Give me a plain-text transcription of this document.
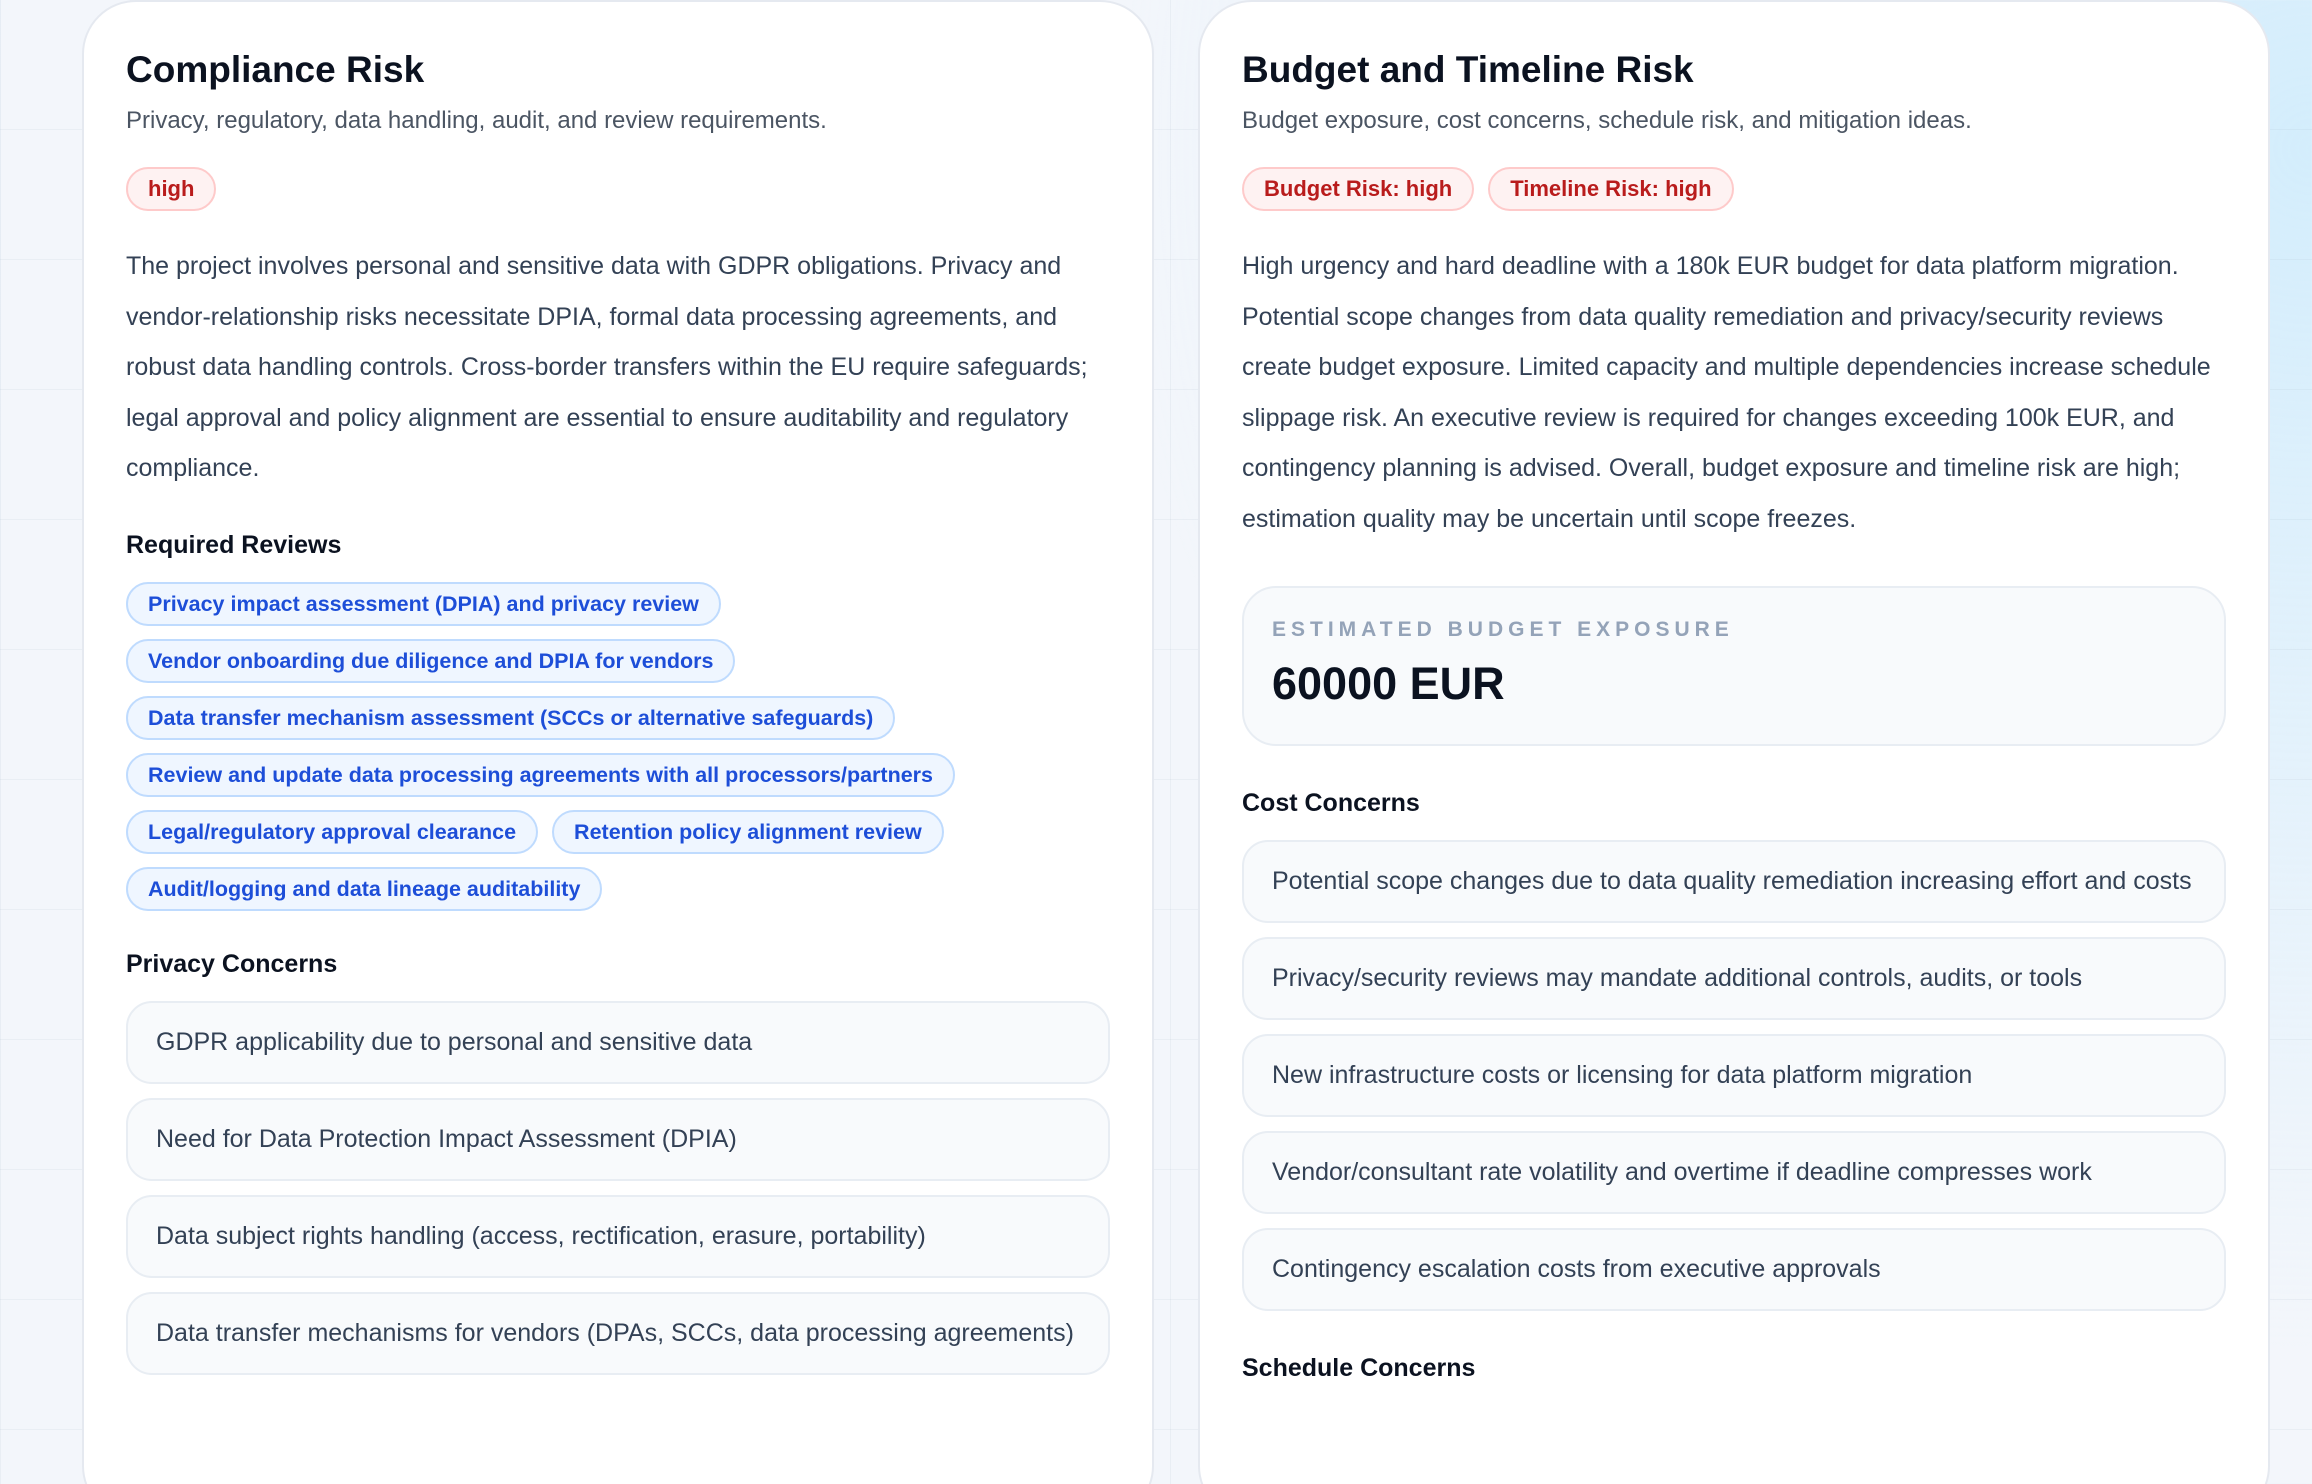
Compliance Risk

Privacy, regulatory, data handling, audit, and review requirements.

high

The project involves personal and sensitive data with GDPR obligations. Privacy and vendor-relationship risks necessitate DPIA, formal data processing agreements, and robust data handling controls. Cross-border transfers within the EU require safeguards; legal approval and policy alignment are essential to ensure auditability and regulatory compliance.

Required Reviews
Privacy impact assessment (DPIA) and privacy review
Vendor onboarding due diligence and DPIA for vendors
Data transfer mechanism assessment (SCCs or alternative safeguards)
Review and update data processing agreements with all processors/partners
Legal/regulatory approval clearance	Retention policy alignment review
Audit/logging and data lineage auditability
Privacy Concerns
GDPR applicability due to personal and sensitive data
Need for Data Protection Impact Assessment (DPIA)
Data subject rights handling (access, rectification, erasure, portability)
Data transfer mechanisms for vendors (DPAs, SCCs, data processing agreements)
Budget and Timeline Risk

Budget exposure, cost concerns, schedule risk, and mitigation ideas.

Budget Risk: high	Timeline Risk: high

High urgency and hard deadline with a 180k EUR budget for data platform migration. Potential scope changes from data quality remediation and privacy/security reviews create budget exposure. Limited capacity and multiple dependencies increase schedule slippage risk. An executive review is required for changes exceeding 100k EUR, and contingency planning is advised. Overall, budget exposure and timeline risk are high; estimation quality may be uncertain until scope freezes.

ESTIMATED BUDGET EXPOSURE
60000 EUR
Cost Concerns
Potential scope changes due to data quality remediation increasing effort and costs
Privacy/security reviews may mandate additional controls, audits, or tools
New infrastructure costs or licensing for data platform migration
Vendor/consultant rate volatility and overtime if deadline compresses work
Contingency escalation costs from executive approvals
Schedule Concerns
